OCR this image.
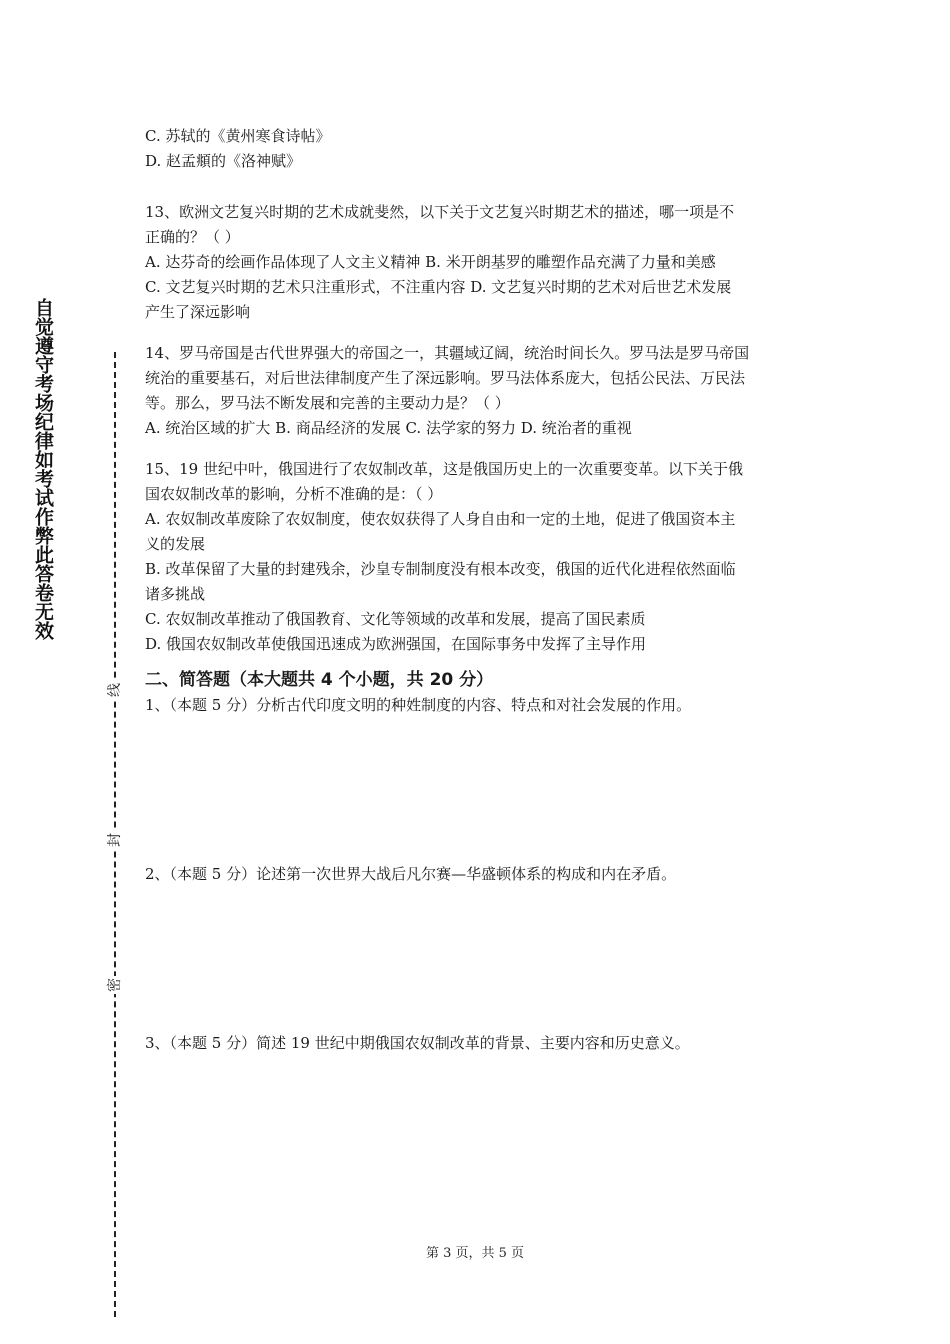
自觉遵守考场纪律如考试作弊此答卷无效
线
封
密
C. 苏轼的《黄州寒食诗帖》
D. 赵孟頫的《洛神赋》
13、欧洲文艺复兴时期的艺术成就斐然，以下关于文艺复兴时期艺术的描述，哪一项是不
正确的？（ ）
A. 达芬奇的绘画作品体现了人文主义精神 B. 米开朗基罗的雕塑作品充满了力量和美感
C. 文艺复兴时期的艺术只注重形式，不注重内容 D. 文艺复兴时期的艺术对后世艺术发展
产生了深远影响
14、罗马帝国是古代世界强大的帝国之一，其疆域辽阔，统治时间长久。罗马法是罗马帝国
统治的重要基石，对后世法律制度产生了深远影响。罗马法体系庞大，包括公民法、万民法
等。那么，罗马法不断发展和完善的主要动力是？（ ）
A. 统治区域的扩大 B. 商品经济的发展 C. 法学家的努力 D. 统治者的重视
15、19 世纪中叶，俄国进行了农奴制改革，这是俄国历史上的一次重要变革。以下关于俄
国农奴制改革的影响，分析不准确的是：（ ）
A. 农奴制改革废除了农奴制度，使农奴获得了人身自由和一定的土地，促进了俄国资本主
义的发展
B. 改革保留了大量的封建残余，沙皇专制制度没有根本改变，俄国的近代化进程依然面临
诸多挑战
C. 农奴制改革推动了俄国教育、文化等领域的改革和发展，提高了国民素质
D. 俄国农奴制改革使俄国迅速成为欧洲强国，在国际事务中发挥了主导作用
二、简答题（本大题共 4 个小题，共 20 分）
1、（本题 5 分）分析古代印度文明的种姓制度的内容、特点和对社会发展的作用。
2、（本题 5 分）论述第一次世界大战后凡尔赛—华盛顿体系的构成和内在矛盾。
3、（本题 5 分）简述 19 世纪中期俄国农奴制改革的背景、主要内容和历史意义。
第 3 页，共 5 页
